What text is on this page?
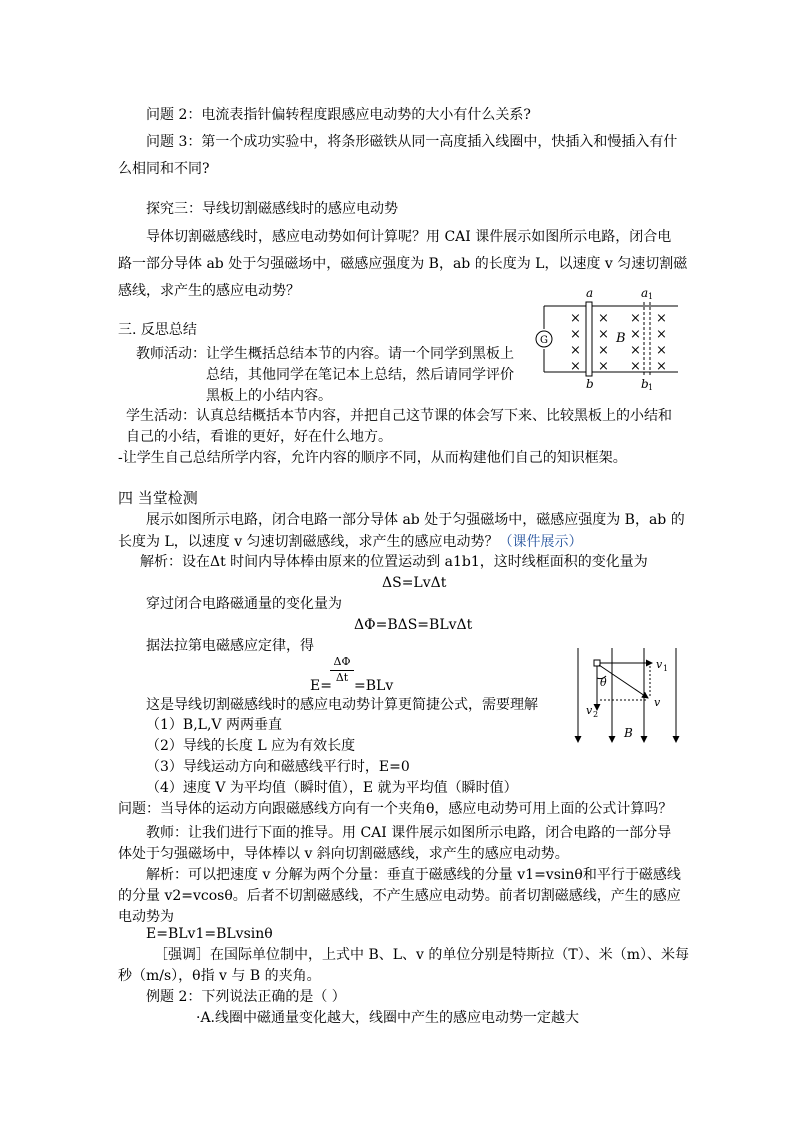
问题 2：电流表指针偏转程度跟感应电动势的大小有什么关系?
问题 3：第一个成功实验中，将条形磁铁从同一高度插入线圈中，快插入和慢插入有什
么相同和不同?
探究三：导线切割磁感线时的感应电动势
导体切割磁感线时，感应电动势如何计算呢？用 CAI 课件展示如图所示电路，闭合电
路一部分导体 ab 处于匀强磁场中，磁感应强度为 B，ab 的长度为 L，以速度 v 匀速切割磁
感线，求产生的感应电动势？
G
×
×
×
×
×
×
×
×
×
×
×
×
×
×
×
×
B
a	a 1
b	b 1
三. 反思总结
教师活动： 让学生概括总结本节的内容。请一个同学到黑板上
总结，其他同学在笔记本上总结，然后请同学评价
黑板上的小结内容。
学生活动：认真总结概括本节内容，并把自己这节课的体会写下来、比较黑板上的小结和
自己的小结，看谁的更好，好在什么地方。
-让学生自己总结所学内容，允许内容的顺序不同，从而构建他们自己的知识框架。
四 当堂检测
展示如图所示电路，闭合电路一部分导体 ab 处于匀强磁场中，磁感应强度为 B，ab 的
长度为 L，以速度 v 匀速切割磁感线，求产生的感应电动势？（课件展示）
解析：设在Δt 时间内导体棒由原来的位置运动到 a1b1，这时线框面积的变化量为
ΔS=LvΔt
穿过闭合电路磁通量的变化量为
ΔΦ=BΔS=BLvΔt
据法拉第电磁感应定律，得
ΔΦ
Δt
E= =BLv
这是导线切割磁感线时的感应电动势计算更简捷公式，需要理解
（1）B,L,V 两两垂直
（2）导线的长度 L 应为有效长度
（3）导线运动方向和磁感线平行时，E=0
（4）速度 V 为平均值（瞬时值），E 就为平均值（瞬时值）
v 1
θ
v
v 2
B
问题：当导体的运动方向跟磁感线方向有一个夹角θ，感应电动势可用上面的公式计算吗？
教师：让我们进行下面的推导。用 CAI 课件展示如图所示电路，闭合电路的一部分导
体处于匀强磁场中，导体棒以 v 斜向切割磁感线，求产生的感应电动势。
解析：可以把速度 v 分解为两个分量：垂直于磁感线的分量 v1=vsinθ和平行于磁感线
的分量 v2=vcosθ。后者不切割磁感线，不产生感应电动势。前者切割磁感线，产生的感应
电动势为
E=BLv1=BLvsinθ
［强调］在国际单位制中，上式中 B、L、v 的单位分别是特斯拉（T）、米（m）、米每
秒（m/s），θ指 v 与 B 的夹角。
例题 2：下列说法正确的是（ ）
·A.线圈中磁通量变化越大，线圈中产生的感应电动势一定越大
